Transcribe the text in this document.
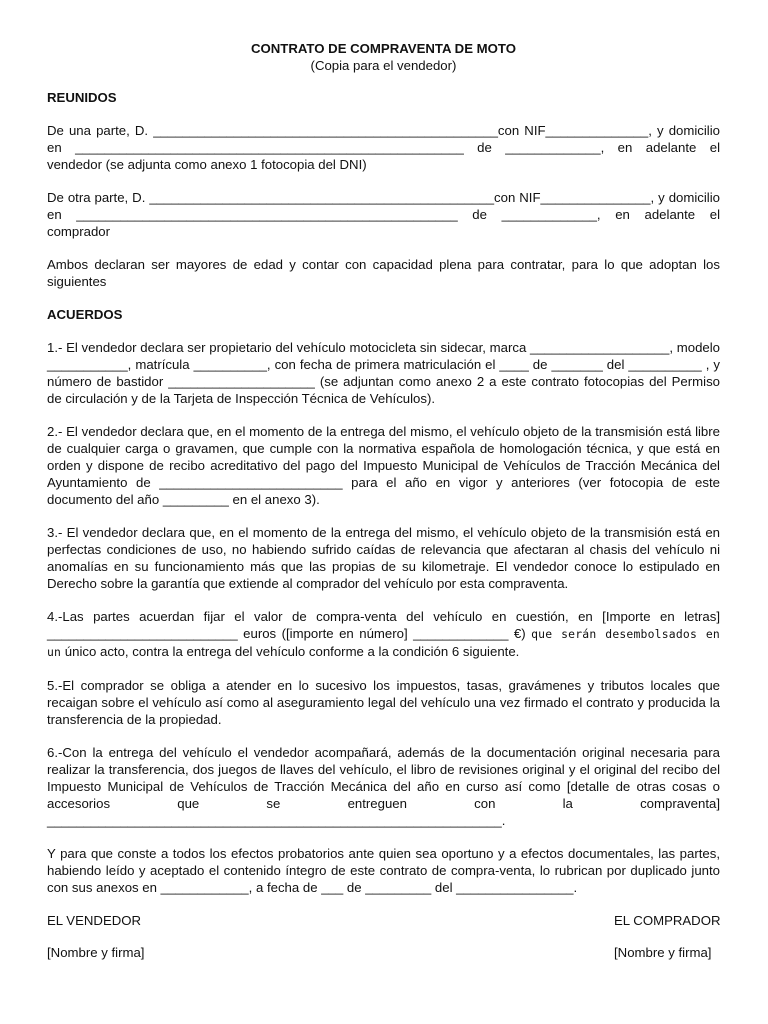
CONTRATO DE COMPRAVENTA DE MOTO

(Copia para el vendedor)

REUNIDOS

De una parte, D. _______________________________________________con NIF______________, y domicilio en _____________________________________________________ de _____________, en adelante el vendedor (se adjunta como anexo 1 fotocopia del DNI)

De otra parte, D. _______________________________________________con NIF_______________, y domicilio en ____________________________________________________ de _____________, en adelante el comprador

Ambos declaran ser mayores de edad y contar con capacidad plena para contratar, para lo que adoptan los siguientes

ACUERDOS

1.- El vendedor declara ser propietario del vehículo motocicleta sin sidecar, marca ___________________, modelo ___________, matrícula __________, con fecha de primera matriculación el ____ de _______ del __________ , y número de bastidor ____________________ (se adjuntan como anexo 2 a este contrato fotocopias del Permiso de circulación y de la Tarjeta de Inspección Técnica de Vehículos).

2.- El vendedor declara que, en el momento de la entrega del mismo, el vehículo objeto de la transmisión está libre de cualquier carga o gravamen, que cumple con la normativa española de homologación técnica, y que está en orden y dispone de recibo acreditativo del pago del Impuesto Municipal de Vehículos de Tracción Mecánica del Ayuntamiento de _________________________ para el año en vigor y anteriores (ver fotocopia de este documento del año _________ en el anexo 3).

3.- El vendedor declara que, en el momento de la entrega del mismo, el vehículo objeto de la transmisión está en perfectas condiciones de uso, no habiendo sufrido caídas de relevancia que afectaran al chasis del vehículo ni anomalías en su funcionamiento más que las propias de su kilometraje. El vendedor conoce lo estipulado en Derecho sobre la garantía que extiende al comprador del vehículo por esta compraventa.

4.-Las partes acuerdan fijar el valor de compra-venta del vehículo en cuestión, en [Importe en letras] __________________________ euros ([importe en número] _____________ €) que serán desembolsados en un único acto, contra la entrega del vehículo conforme a la condición 6 siguiente.

5.-El comprador se obliga a atender en lo sucesivo los impuestos, tasas, gravámenes y tributos locales que recaigan sobre el vehículo así como al aseguramiento legal del vehículo una vez firmado el contrato y producida la transferencia de la propiedad.

6.-Con la entrega del vehículo el vendedor acompañará, además de la documentación original necesaria para realizar la transferencia, dos juegos de llaves del vehículo, el libro de revisiones original y el original del recibo del Impuesto Municipal de Vehículos de Tracción Mecánica del año en curso así como [detalle de otras cosas o accesorios que se entreguen con la compraventa] ______________________________________________________________.

Y para que conste a todos los efectos probatorios ante quien sea oportuno y a efectos documentales, las partes, habiendo leído y aceptado el contenido íntegro de este contrato de compra-venta, lo rubrican por duplicado junto con sus anexos en ____________, a fecha de ___ de _________ del ________________.

EL VENDEDOR

[Nombre y firma]

EL COMPRADOR

[Nombre y firma]
